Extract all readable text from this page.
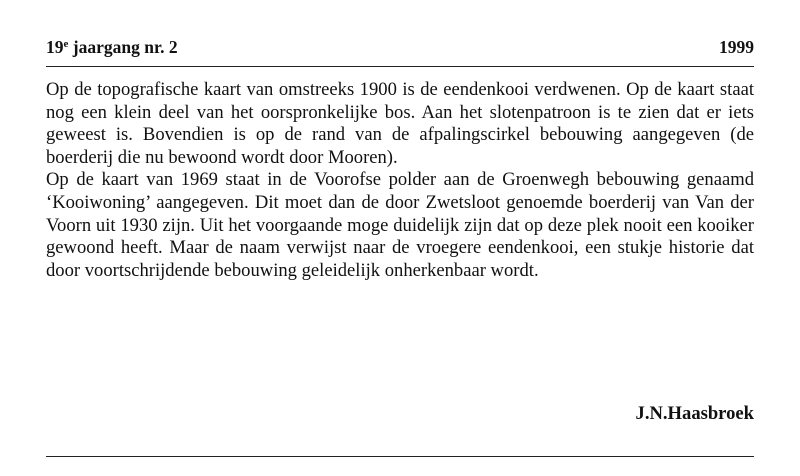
19e jaargang nr. 2	1999

Op de topografische kaart van omstreeks 1900 is de eendenkooi verdwenen. Op de kaart staat nog een klein deel van het oorspronkelijke bos. Aan het slotenpatroon is te zien dat er iets geweest is. Bovendien is op de rand van de afpalingscirkel bebouwing aangegeven (de boerderij die nu bewoond wordt door Mooren).

Op de kaart van 1969 staat in de Voorofse polder aan de Groenwegh bebouwing genaamd ‘Kooiwoning’ aangegeven. Dit moet dan de door Zwetsloot genoemde boerderij van Van der Voorn uit 1930 zijn. Uit het voorgaande moge duidelijk zijn dat op deze plek nooit een kooiker gewoond heeft. Maar de naam verwijst naar de vroegere eendenkooi, een stukje historie dat door voortschrijdende bebouwing geleidelijk onherkenbaar wordt.

J.N.Haasbroek
